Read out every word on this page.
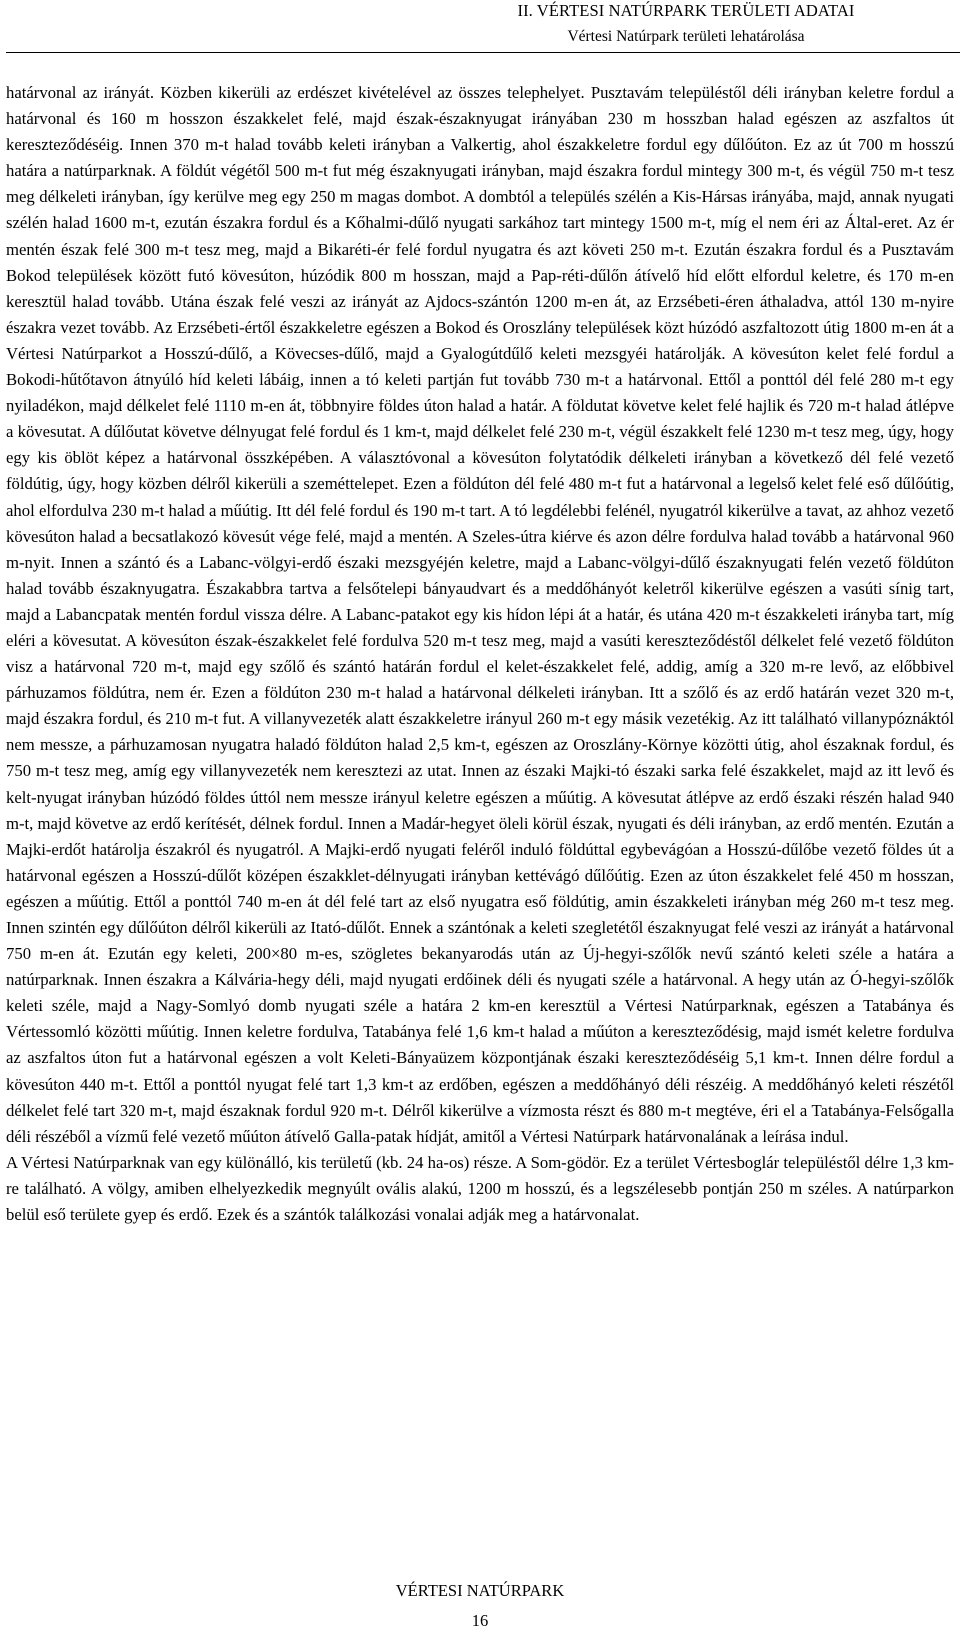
II. VÉRTESI NATÚRPARK TERÜLETI ADATAI
Vértesi Natúrpark területi lehatárolása

határvonal az irányát. Közben kikerüli az erdészet kivételével az összes telephelyet. Pusztavám településtől déli irányban keletre fordul a határvonal és 160 m hosszon északkelet felé, majd észak-északnyugat irányában 230 m hosszban halad egészen az aszfaltos út kereszteződéséig. Innen 370 m-t halad tovább keleti irányban a Valkertig, ahol északkeletre fordul egy dűlőúton. Ez az út 700 m hosszú határa a natúrparknak. A földút végétől 500 m-t fut még északnyugati irányban, majd északra fordul mintegy 300 m-t, és végül 750 m-t tesz meg délkeleti irányban, így kerülve meg egy 250 m magas dombot. A dombtól a település szélén a Kis-Hársas irányába, majd, annak nyugati szélén halad 1600 m-t, ezután északra fordul és a Kőhalmi-dűlő nyugati sarkához tart mintegy 1500 m-t, míg el nem éri az Által-eret. Az ér mentén észak felé 300 m-t tesz meg, majd a Bikaréti-ér felé fordul nyugatra és azt követi 250 m-t. Ezután északra fordul és a Pusztavám Bokod települések között futó kövesúton, húzódik 800 m hosszan, majd a Pap-réti-dűlőn átívelő híd előtt elfordul keletre, és 170 m-en keresztül halad tovább. Utána észak felé veszi az irányát az Ajdocs-szántón 1200 m-en át, az Erzsébeti-éren áthaladva, attól 130 m-nyire északra vezet tovább. Az Erzsébeti-értől északkeletre egészen a Bokod és Oroszlány települések közt húzódó aszfaltozott útig 1800 m-en át a Vértesi Natúrparkot a Hosszú-dűlő, a Kövecses-dűlő, majd a Gyalogútdűlő keleti mezsgyéi határolják. A kövesúton kelet felé fordul a Bokodi-hűtőtavon átnyúló híd keleti lábáig, innen a tó keleti partján fut tovább 730 m-t a határvonal. Ettől a ponttól dél felé 280 m-t egy nyiladékon, majd délkelet felé 1110 m-en át, többnyire földes úton halad a határ. A földutat követve kelet felé hajlik és 720 m-t halad átlépve a kövesutat. A dűlőutat követve délnyugat felé fordul és 1 km-t, majd délkelet felé 230 m-t, végül északkelt felé 1230 m-t tesz meg, úgy, hogy egy kis öblöt képez a határvonal összképében. A választóvonal a kövesúton folytatódik délkeleti irányban a következő dél felé vezető földútig, úgy, hogy közben délről kikerüli a szeméttelepet. Ezen a földúton dél felé 480 m-t fut a határvonal a legelső kelet felé eső dűlőútig, ahol elfordulva 230 m-t halad a műútig. Itt dél felé fordul és 190 m-t tart. A tó legdélebbi felénél, nyugatról kikerülve a tavat, az ahhoz vezető kövesúton halad a becsatlakozó kövesút vége felé, majd a mentén. A Szeles-útra kiérve és azon délre fordulva halad tovább a határvonal 960 m-nyit. Innen a szántó és a Labanc-völgyi-erdő északi mezsgyéjén keletre, majd a Labanc-völgyi-dűlő északnyugati felén vezető földúton halad tovább északnyugatra. Északabbra tartva a felsőtelepi bányaudvart és a meddőhányót keletről kikerülve egészen a vasúti sínig tart, majd a Labancpatak mentén fordul vissza délre. A Labanc-patakot egy kis hídon lépi át a határ, és utána 420 m-t északkeleti irányba tart, míg eléri a kövesutat. A kövesúton észak-északkelet felé fordulva 520 m-t tesz meg, majd a vasúti kereszteződéstől délkelet felé vezető földúton visz a határvonal 720 m-t, majd egy szőlő és szántó határán fordul el kelet-északkelet felé, addig, amíg a 320 m-re levő, az előbbivel párhuzamos földútra, nem ér. Ezen a földúton 230 m-t halad a határvonal délkeleti irányban. Itt a szőlő és az erdő határán vezet 320 m-t, majd északra fordul, és 210 m-t fut. A villanyvezeték alatt északkeletre irányul 260 m-t egy másik vezetékig. Az itt található villanypóznáktól nem messze, a párhuzamosan nyugatra haladó földúton halad 2,5 km-t, egészen az Oroszlány-Környe közötti útig, ahol északnak fordul, és 750 m-t tesz meg, amíg egy villanyvezeték nem keresztezi az utat. Innen az északi Majki-tó északi sarka felé északkelet, majd az itt levő és kelt-nyugat irányban húzódó földes úttól nem messze irányul keletre egészen a műútig. A kövesutat átlépve az erdő északi részén halad 940 m-t, majd követve az erdő kerítését, délnek fordul. Innen a Madár-hegyet öleli körül észak, nyugati és déli irányban, az erdő mentén. Ezután a Majki-erdőt határolja északról és nyugatról. A Majki-erdő nyugati feléről induló földúttal egybevágóan a Hosszú-dűlőbe vezető földes út a határvonal egészen a Hosszú-dűlőt középen északklet-délnyugati irányban kettévágó dűlőútig. Ezen az úton északkelet felé 450 m hosszan, egészen a műútig. Ettől a ponttól 740 m-en át dél felé tart az első nyugatra eső földútig, amin északkeleti irányban még 260 m-t tesz meg. Innen szintén egy dűlőúton délről kikerüli az Itató-dűlőt. Ennek a szántónak a keleti szegletétől északnyugat felé veszi az irányát a határvonal 750 m-en át. Ezután egy keleti, 200×80 m-es, szögletes bekanyarodás után az Új-hegyi-szőlők nevű szántó keleti széle a határa a natúrparknak. Innen északra a Kálvária-hegy déli, majd nyugati erdőinek déli és nyugati széle a határvonal. A hegy után az Ó-hegyi-szőlők keleti széle, majd a Nagy-Somlyó domb nyugati széle a határa 2 km-en keresztül a Vértesi Natúrparknak, egészen a Tatabánya és Vértessomló közötti műútig. Innen keletre fordulva, Tatabánya felé 1,6 km-t halad a műúton a kereszteződésig, majd ismét keletre fordulva az aszfaltos úton fut a határvonal egészen a volt Keleti-Bányaüzem központjának északi kereszteződéséig 5,1 km-t. Innen délre fordul a kövesúton 440 m-t. Ettől a ponttól nyugat felé tart 1,3 km-t az erdőben, egészen a meddőhányó déli részéig. A meddőhányó keleti részétől délkelet felé tart 320 m-t, majd északnak fordul 920 m-t. Délről kikerülve a vízmosta részt és 880 m-t megtéve, éri el a Tatabánya-Felsőgalla déli részéből a vízmű felé vezető műúton átívelő Galla-patak hídját, amitől a Vértesi Natúrpark határvonalának a leírása indul.

A Vértesi Natúrparknak van egy különálló, kis területű (kb. 24 ha-os) része. A Som-gödör. Ez a terület Vértesboglár településtől délre 1,3 km-re található. A völgy, amiben elhelyezkedik megnyúlt ovális alakú, 1200 m hosszú, és a legszélesebb pontján 250 m széles. A natúrparkon belül eső területe gyep és erdő. Ezek és a szántók találkozási vonalai adják meg a határvonalat.

VÉRTESI NATÚRPARK
16
